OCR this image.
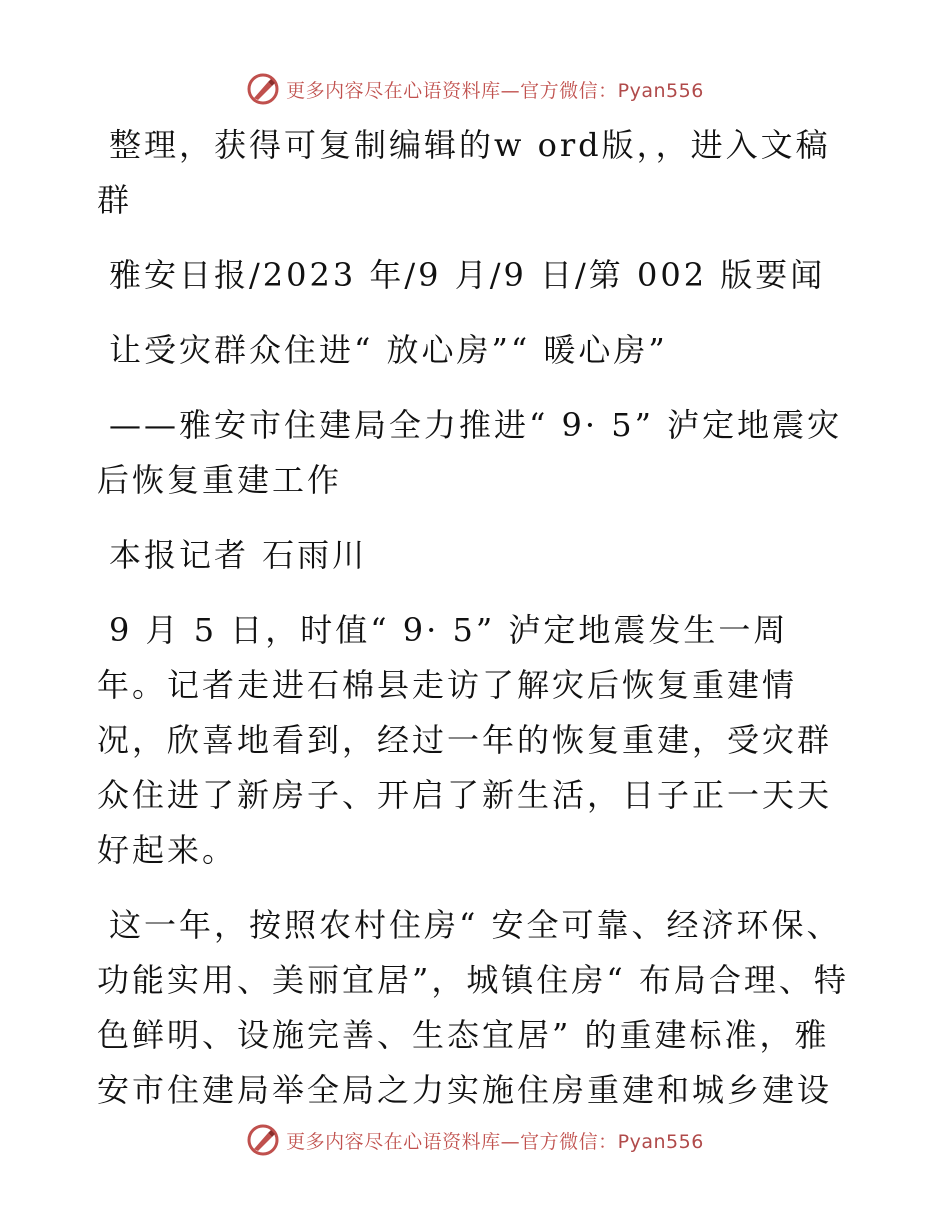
更多内容尽在心语资料库—官方微信：Pyan556

整理，获得可复制编辑的w ord版，，进入文稿群

雅安日报/2023 年/9 月/9 日/第 002 版要闻

让受灾群众住进“ 放心房”“ 暖心房”

——雅安市住建局全力推进“ 9· 5” 泸定地震灾后恢复重建工作

本报记者 石雨川

9 月 5 日，时值“ 9· 5” 泸定地震发生一周年。记者走进石棉县走访了解灾后恢复重建情况，欣喜地看到，经过一年的恢复重建，受灾群众住进了新房子、开启了新生活，日子正一天天好起来。

这一年，按照农村住房“ 安全可靠、经济环保、功能实用、美丽宜居”，城镇住房“ 布局合理、特色鲜明、设施完善、生态宜居” 的重建标准，雅安市住建局举全局之力实施住房重建和城乡建设

更多内容尽在心语资料库—官方微信：Pyan556
